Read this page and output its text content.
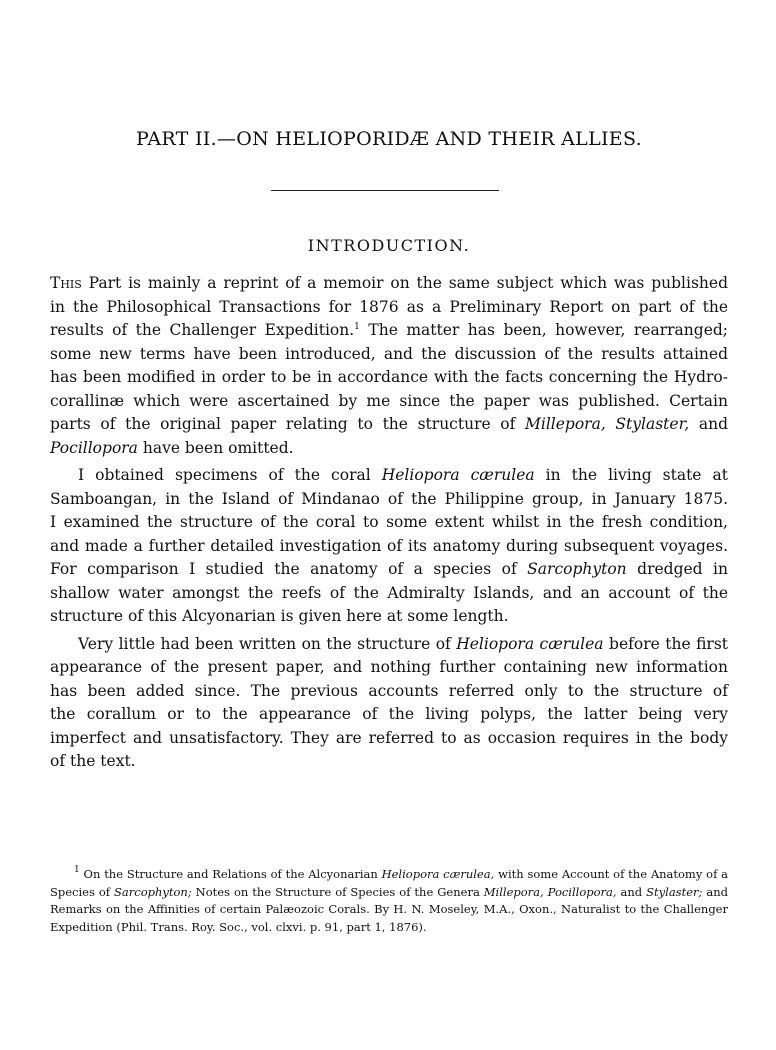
PART II.—ON HELIOPORIDÆ AND THEIR ALLIES.
INTRODUCTION.
This Part is mainly a reprint of a memoir on the same subject which was published
in the Philosophical Transactions for 1876 as a Preliminary Report on part of the
results of the Challenger Expedition.$^1$ The matter has been, however, rearranged;
some new terms have been introduced, and the discussion of the results attained
has been modified in order to be in accordance with the facts concerning the Hydro-
corallinæ which were ascertained by me since the paper was published. Certain
parts of the original paper relating to the structure of Millepora, Stylaster, and
Pocillopora have been omitted.
I obtained specimens of the coral Heliopora cærulea in the living state at
Samboangan, in the Island of Mindanao of the Philippine group, in January 1875.
I examined the structure of the coral to some extent whilst in the fresh condition,
and made a further detailed investigation of its anatomy during subsequent voyages.
For comparison I studied the anatomy of a species of Sarcophyton dredged in
shallow water amongst the reefs of the Admiralty Islands, and an account of the
structure of this Alcyonarian is given here at some length.
Very little had been written on the structure of Heliopora cærulea before the first
appearance of the present paper, and nothing further containing new information
has been added since. The previous accounts referred only to the structure of
the corallum or to the appearance of the living polyps, the latter being very
imperfect and unsatisfactory. They are referred to as occasion requires in the body
of the text.
$^1$ On the Structure and Relations of the Alcyonarian Heliopora cærulea, with some Account of the Anatomy of a
Species of Sarcophyton; Notes on the Structure of Species of the Genera Millepora, Pocillopora, and Stylaster; and
Remarks on the Affinities of certain Palæozoic Corals. By H. N. Moseley, M.A., Oxon., Naturalist to the Challenger
Expedition (Phil. Trans. Roy. Soc., vol. clxvi. p. 91, part 1, 1876).
